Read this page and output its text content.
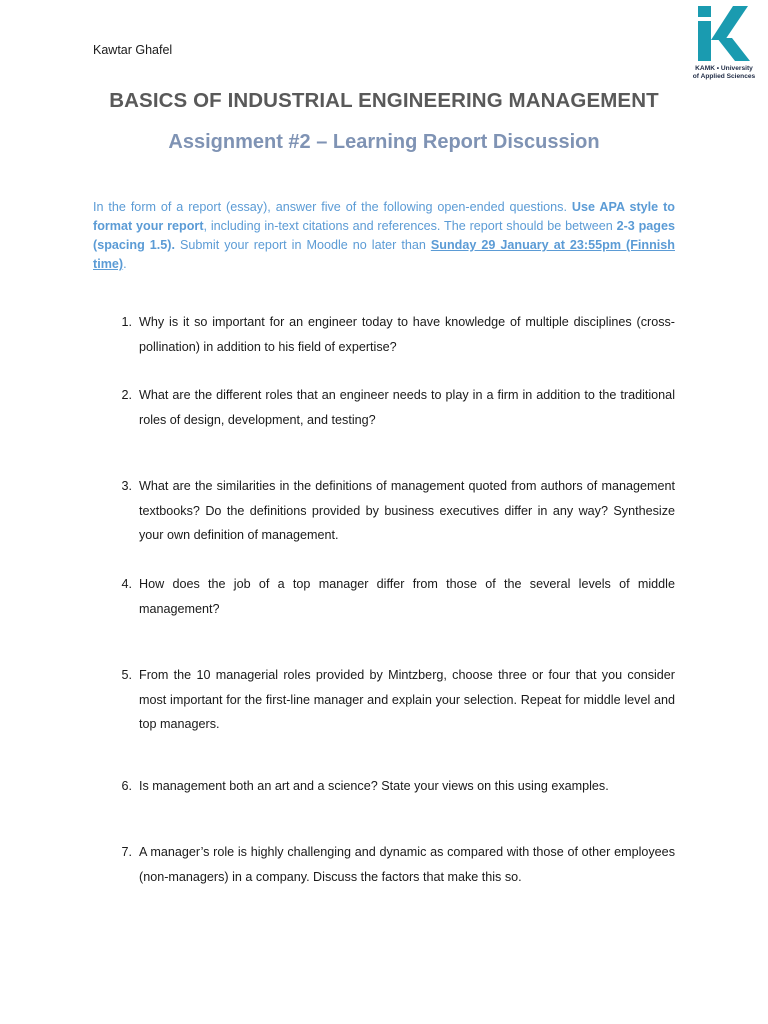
Kawtar Ghafel
KAMK • University
of Applied Sciences
BASICS OF INDUSTRIAL ENGINEERING MANAGEMENT
Assignment #2 – Learning Report Discussion
In the form of a report (essay), answer five of the following open-ended questions. Use APA style to format your report, including in-text citations and references. The report should be between 2-3 pages (spacing 1.5). Submit your report in Moodle no later than Sunday 29 January at 23:55pm (Finnish time).
1. Why is it so important for an engineer today to have knowledge of multiple disciplines (cross-pollination) in addition to his field of expertise?
2. What are the different roles that an engineer needs to play in a firm in addition to the traditional roles of design, development, and testing?
3. What are the similarities in the definitions of management quoted from authors of management textbooks? Do the definitions provided by business executives differ in any way? Synthesize your own definition of management.
4. How does the job of a top manager differ from those of the several levels of middle management?
5. From the 10 managerial roles provided by Mintzberg, choose three or four that you consider most important for the first-line manager and explain your selection. Repeat for middle level and top managers.
6. Is management both an art and a science? State your views on this using examples.
7. A manager’s role is highly challenging and dynamic as compared with those of other employees (non-managers) in a company. Discuss the factors that make this so.
